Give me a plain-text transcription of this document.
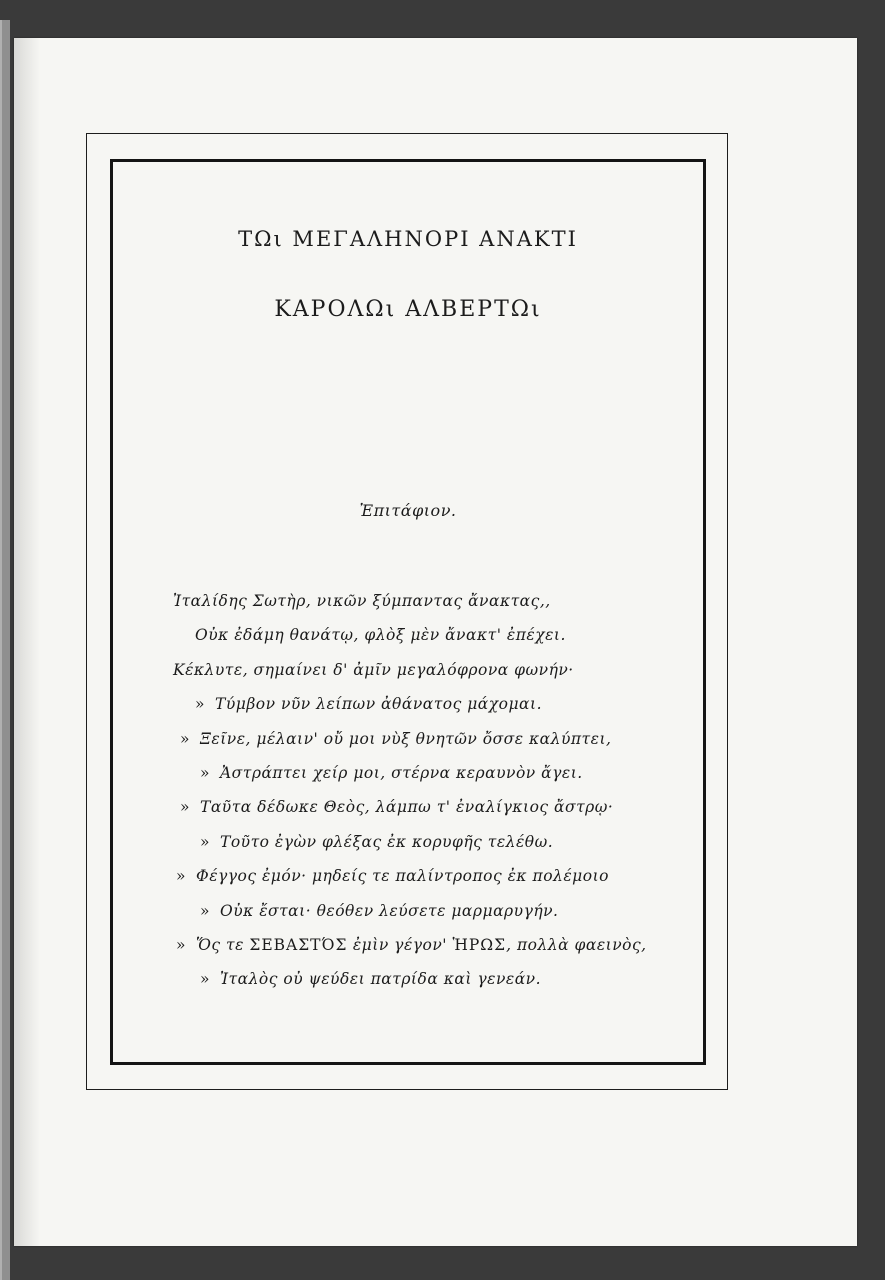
ΤΩι ΜΕΓΑΛΗΝΟΡΙ ΑΝΑΚΤΙ
ΚΑΡΟΛΩι ΑΛΒΕΡΤΩι
Ἐπιτάφιον.
Ἰταλίδης Σωτὴρ, νικῶν ξύμπαντας ἄνακτας,,
Οὐκ ἐδάμη θανάτῳ, φλὸξ μὲν ἄνακτ' ἐπέχει.
Κέκλυτε, σημαίνει δ' ἀμῖν μεγαλόφρονα φωνήν·
» Τύμβον νῦν λείπων ἀθάνατος μάχομαι.
» Ξεῖνε, μέλαιν' οὔ μοι νὺξ θνητῶν ὄσσε καλύπτει,
» Ἀστράπτει χείρ μοι, στέρνα κεραυνὸν ἄγει.
» Ταῦτα δέδωκε Θεὸς, λάμπω τ' ἐναλίγκιος ἄστρῳ·
» Τοῦτο ἐγὼν φλέξας ἐκ κορυφῆς τελέθω.
» Φέγγος ἐμόν· μηδείς τε παλίντροπος ἐκ πολέμοιο
» Οὐκ ἔσται· θεόθεν λεύσετε μαρμαρυγήν.
» Ὅς τε ΣΕΒΑΣΤΌΣ ἐμὶν γέγον' ἩΡΩΣ, πολλὰ φαεινὸς,
» Ἰταλὸς οὐ ψεύδει πατρίδα καὶ γενεάν.
